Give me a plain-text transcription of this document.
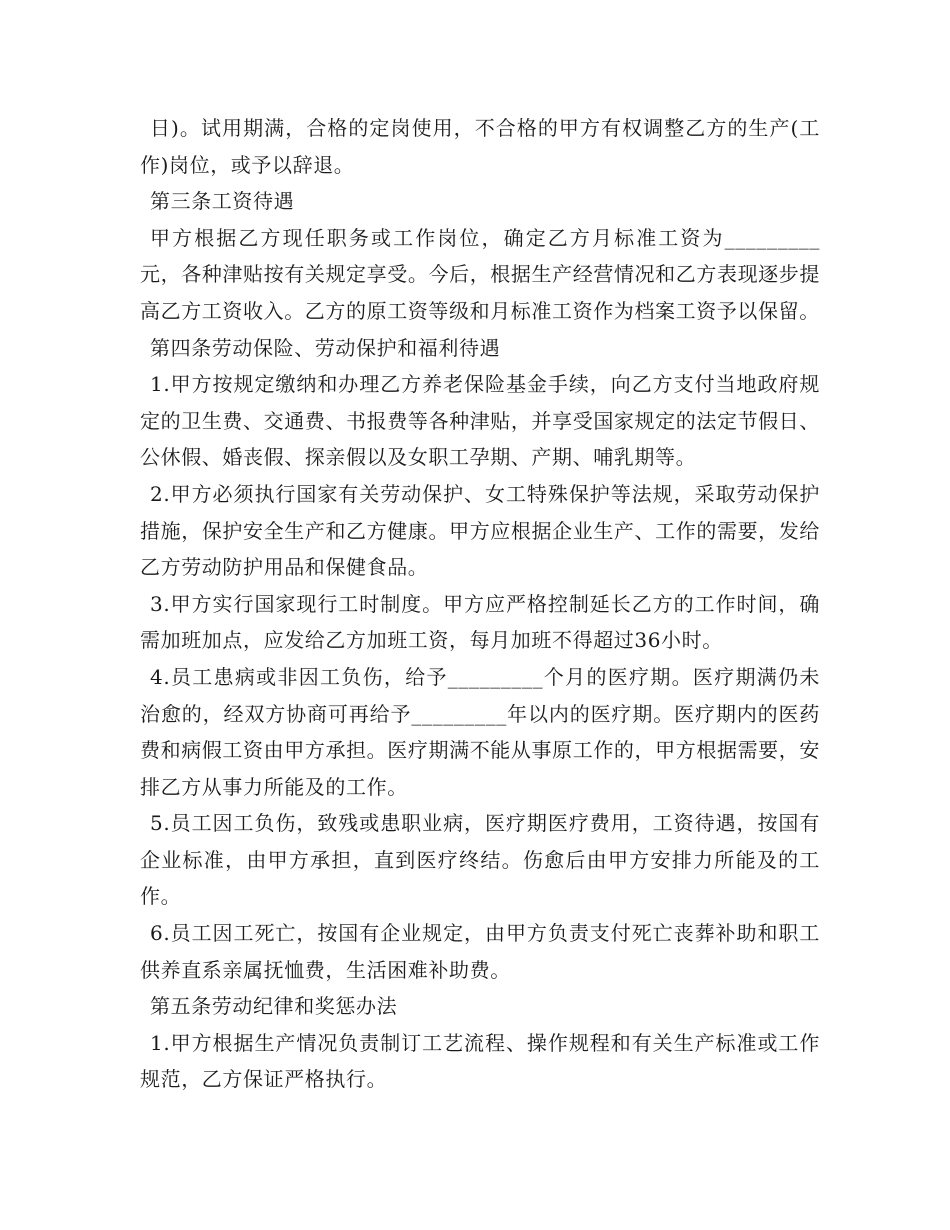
日)。试用期满，合格的定岗使用，不合格的甲方有权调整乙方的生产(工作)岗位，或予以辞退。

第三条工资待遇

甲方根据乙方现任职务或工作岗位，确定乙方月标准工资为_________元，各种津贴按有关规定享受。今后，根据生产经营情况和乙方表现逐步提高乙方工资收入。乙方的原工资等级和月标准工资作为档案工资予以保留。

第四条劳动保险、劳动保护和福利待遇

1.甲方按规定缴纳和办理乙方养老保险基金手续，向乙方支付当地政府规定的卫生费、交通费、书报费等各种津贴，并享受国家规定的法定节假日、公休假、婚丧假、探亲假以及女职工孕期、产期、哺乳期等。

2.甲方必须执行国家有关劳动保护、女工特殊保护等法规，采取劳动保护措施，保护安全生产和乙方健康。甲方应根据企业生产、工作的需要，发给乙方劳动防护用品和保健食品。

3.甲方实行国家现行工时制度。甲方应严格控制延长乙方的工作时间，确需加班加点，应发给乙方加班工资，每月加班不得超过36小时。

4.员工患病或非因工负伤，给予_________个月的医疗期。医疗期满仍未治愈的，经双方协商可再给予_________年以内的医疗期。医疗期内的医药费和病假工资由甲方承担。医疗期满不能从事原工作的，甲方根据需要，安排乙方从事力所能及的工作。

5.员工因工负伤，致残或患职业病，医疗期医疗费用，工资待遇，按国有企业标准，由甲方承担，直到医疗终结。伤愈后由甲方安排力所能及的工作。

6.员工因工死亡，按国有企业规定，由甲方负责支付死亡丧葬补助和职工供养直系亲属抚恤费，生活困难补助费。

第五条劳动纪律和奖惩办法

1.甲方根据生产情况负责制订工艺流程、操作规程和有关生产标准或工作规范，乙方保证严格执行。
